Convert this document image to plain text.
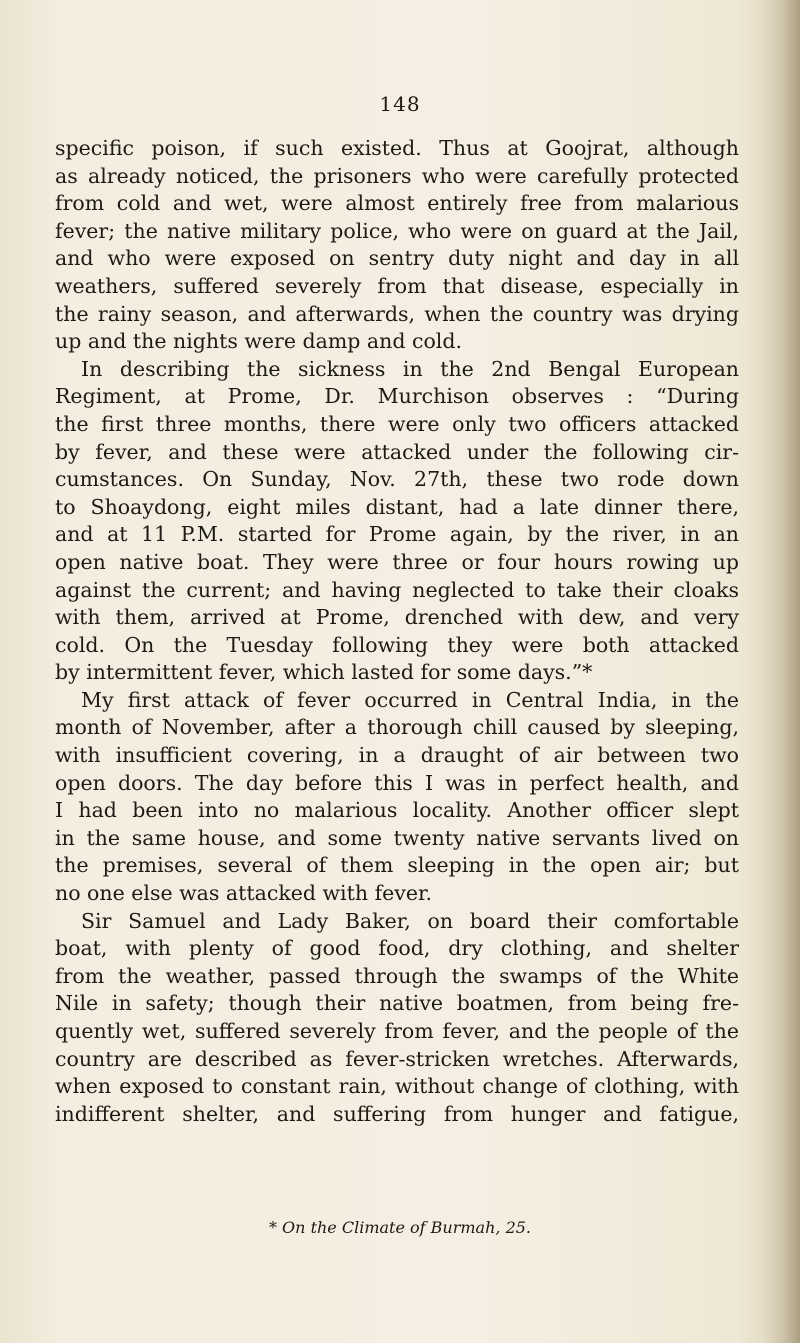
148
specific poison, if such existed. Thus at Goojrat, although
as already noticed, the prisoners who were carefully protected
from cold and wet, were almost entirely free from malarious
fever; the native military police, who were on guard at the Jail,
and who were exposed on sentry duty night and day in all
weathers, suffered severely from that disease, especially in
the rainy season, and afterwards, when the country was drying
up and the nights were damp and cold.
In describing the sickness in the 2nd Bengal European
Regiment, at Prome, Dr. Murchison observes : “During
the first three months, there were only two officers attacked
by fever, and these were attacked under the following cir-
cumstances. On Sunday, Nov. 27th, these two rode down
to Shoaydong, eight miles distant, had a late dinner there,
and at 11 P.M. started for Prome again, by the river, in an
open native boat. They were three or four hours rowing up
against the current; and having neglected to take their cloaks
with them, arrived at Prome, drenched with dew, and very
cold. On the Tuesday following they were both attacked
by intermittent fever, which lasted for some days.”*
My first attack of fever occurred in Central India, in the
month of November, after a thorough chill caused by sleeping,
with insufficient covering, in a draught of air between two
open doors. The day before this I was in perfect health, and
I had been into no malarious locality. Another officer slept
in the same house, and some twenty native servants lived on
the premises, several of them sleeping in the open air; but
no one else was attacked with fever.
Sir Samuel and Lady Baker, on board their comfortable
boat, with plenty of good food, dry clothing, and shelter
from the weather, passed through the swamps of the White
Nile in safety; though their native boatmen, from being fre-
quently wet, suffered severely from fever, and the people of the
country are described as fever-stricken wretches. Afterwards,
when exposed to constant rain, without change of clothing, with
indifferent shelter, and suffering from hunger and fatigue,
* On the Climate of Burmah, 25.
